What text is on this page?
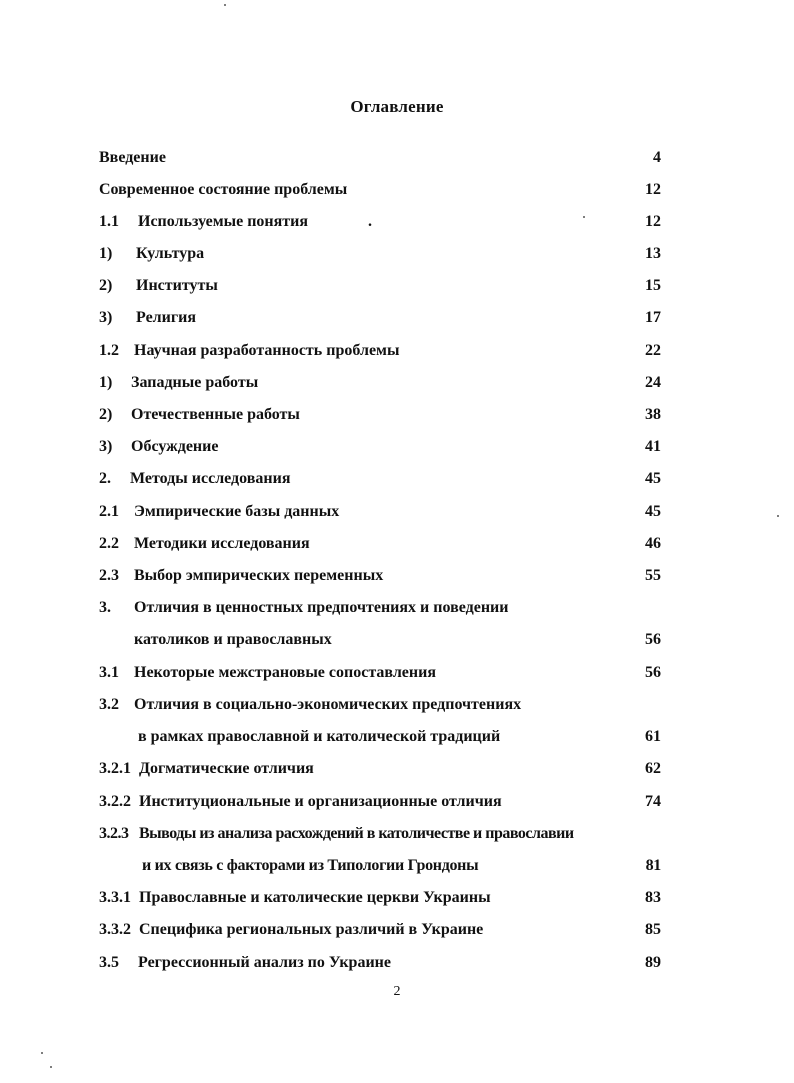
Оглавление
Введение	4
Современное состояние проблемы	12
1.1 Используемые понятия	.	12
1) Культура	13
2) Институты	15
3) Религия	17
1.2 Научная разработанность проблемы	22
1) Западные работы	24
2) Отечественные работы	38
3) Обсуждение	41
2. Методы исследования	45
2.1 Эмпирические базы данных	45
2.2 Методики исследования	46
2.3 Выбор эмпирических переменных	55
3. Отличия в ценностных предпочтениях и поведении
католиков и православных	56
3.1 Некоторые межстрановые сопоставления	56
3.2 Отличия в социально-экономических предпочтениях
в рамках православной и католической традиций	61
3.2.1 Догматические отличия	62
3.2.2 Институциональные и организационные отличия	74
3.2.3 Выводы из анализа расхождений в католичестве и православии
и их связь с факторами из Типологии Грондоны	81
3.3.1 Православные и католические церкви Украины	83
3.3.2 Специфика региональных различий в Украине	85
3.5 Регрессионный анализ по Украине	89
2
